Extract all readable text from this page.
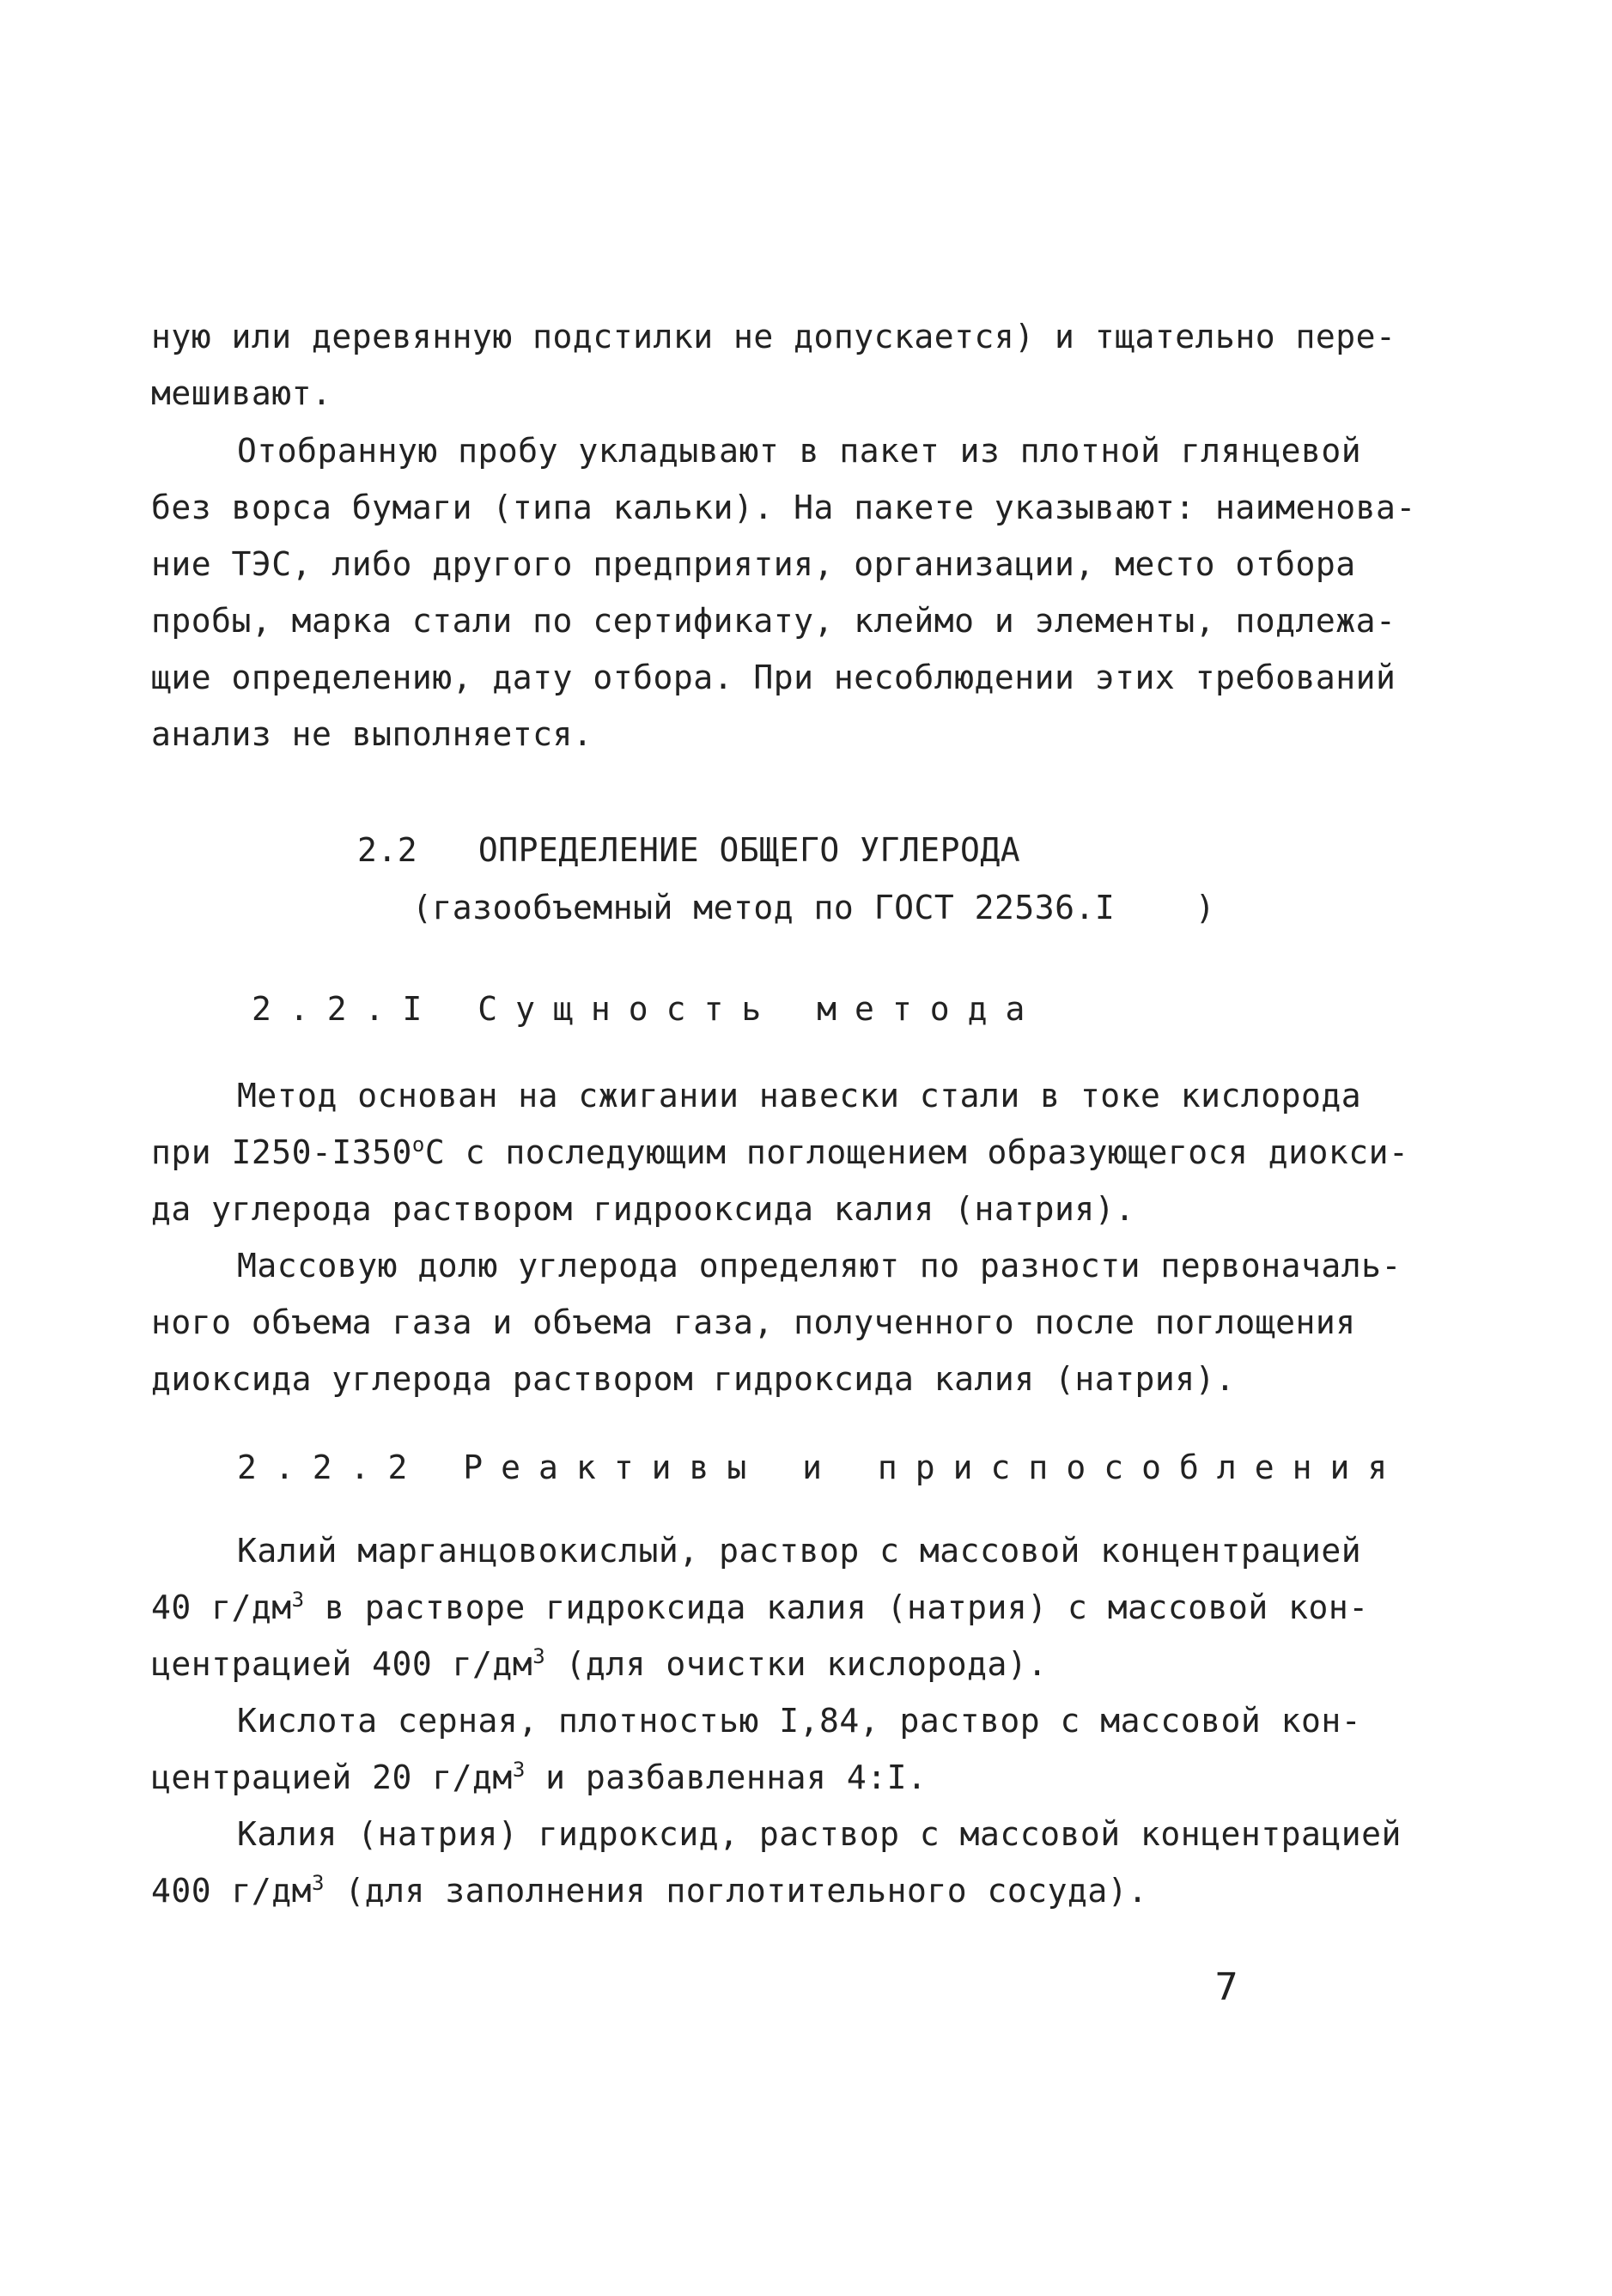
ную или деревянную подстилки не допускается) и тщательно пере-
мешивают.
Отобранную пробу укладывают в пакет из плотной глянцевой
без ворса бумаги (типа кальки). На пакете указывают: наименова-
ние ТЭС, либо другого предприятия, организации, место отбора
пробы, марка стали по сертификату, клеймо и элементы, подлежа-
щие определению, дату отбора. При несоблюдении этих требований
анализ не выполняется.
2.2 ОПРЕДЕЛЕНИЕ ОБЩЕГО УГЛЕРОДА
(газообъемный метод по ГОСТ 22536.I    )
2.2.I Сущность метода
Метод основан на сжигании навески стали в токе кислорода
при $I250-I350^оС$ с последующим поглощением образующегося диокси-
да углерода раствором гидрооксида калия (натрия).
Массовую долю углерода определяют по разности первоначаль-
ного объема газа и объема газа, полученного после поглощения
диоксида углерода раствором гидроксида калия (натрия).
2.2.2 Реактивы и приспособления
Калий марганцовокислый, раствор с массовой концентрацией
40 $г/дм^3$ в растворе гидроксида калия (натрия) с массовой кон-
центрацией 400 $г/дм^3$ (для очистки кислорода).
Кислота серная, плотностью I,84, раствор с массовой кон-
центрацией 20 $г/дм^3$ и разбавленная 4:I.
Калия (натрия) гидроксид, раствор с массовой концентрацией
400 $г/дм^3$ (для заполнения поглотительного сосуда).
7
